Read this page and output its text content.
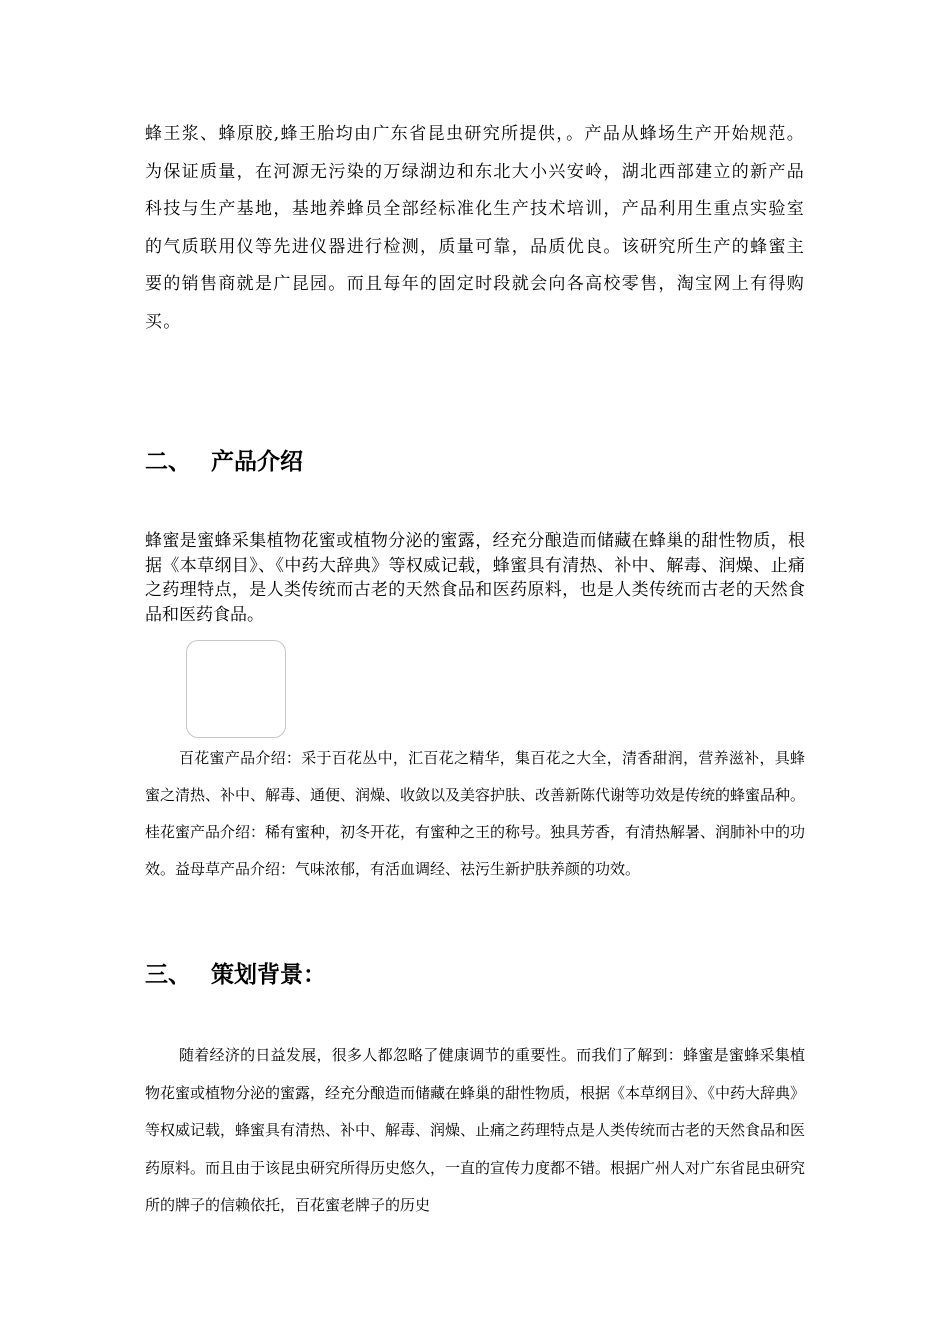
蜂王浆、蜂原胶,蜂王胎均由广东省昆虫研究所提供，。产品从蜂场生产开始规范。为保证质量，在河源无污染的万绿湖边和东北大小兴安岭，湖北西部建立的新产品科技与生产基地，基地养蜂员全部经标准化生产技术培训，产品利用生重点实验室的气质联用仪等先进仪器进行检测，质量可靠，品质优良。该研究所生产的蜂蜜主要的销售商就是广昆园。而且每年的固定时段就会向各高校零售，淘宝网上有得购买。

二、 产品介绍

蜂蜜是蜜蜂采集植物花蜜或植物分泌的蜜露，经充分酿造而储藏在蜂巢的甜性物质，根据《本草纲目》、《中药大辞典》等权威记载，蜂蜜具有清热、补中、解毒、润燥、止痛之药理特点，是人类传统而古老的天然食品和医药原料，也是人类传统而古老的天然食品和医药食品。

百花蜜产品介绍：采于百花丛中，汇百花之精华，集百花之大全，清香甜润，营养滋补，具蜂蜜之清热、补中、解毒、通便、润燥、收敛以及美容护肤、改善新陈代谢等功效是传统的蜂蜜品种。桂花蜜产品介绍：稀有蜜种，初冬开花，有蜜种之王的称号。独具芳香，有清热解暑、润肺补中的功效。益母草产品介绍：气味浓郁，有活血调经、祛污生新护肤养颜的功效。

三、 策划背景：

随着经济的日益发展，很多人都忽略了健康调节的重要性。而我们了解到：蜂蜜是蜜蜂采集植物花蜜或植物分泌的蜜露，经充分酿造而储藏在蜂巢的甜性物质，根据《本草纲目》、《中药大辞典》等权威记载，蜂蜜具有清热、补中、解毒、润燥、止痛之药理特点是人类传统而古老的天然食品和医药原料。而且由于该昆虫研究所得历史悠久，一直的宣传力度都不错。根据广州人对广东省昆虫研究所的牌子的信赖依托，百花蜜老牌子的历史
